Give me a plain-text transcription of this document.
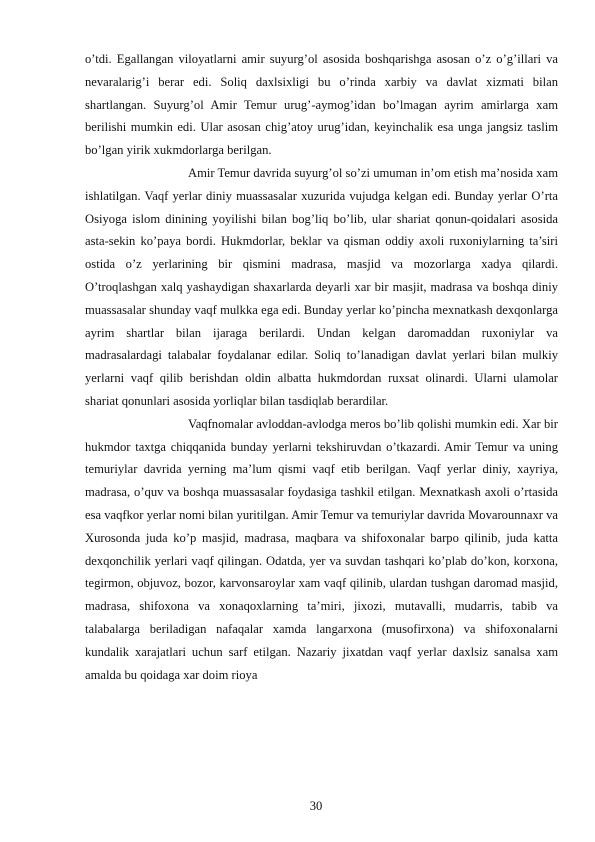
o’tdi. Egallangan viloyatlarni amir suyurg’ol asosida boshqarishga asosan o’z o’g’illari va nevaralarig’i berar edi. Soliq daxlsixligi bu o’rinda xarbiy va davlat xizmati bilan shartlangan. Suyurg’ol Amir Temur urug’-aymog’idan bo’lmagan ayrim amirlarga xam berilishi mumkin edi. Ular asosan chig’atoy urug’idan, keyinchalik esa unga jangsiz taslim bo’lgan yirik xukmdorlarga berilgan.

Amir Temur davrida suyurg’ol so’zi umuman in’om etish ma’nosida xam ishlatilgan. Vaqf yerlar diniy muassasalar xuzurida vujudga kelgan edi. Bunday yerlar O’rta Osiyoga islom dinining yoyilishi bilan bog’liq bo’lib, ular shariat qonun-qoidalari asosida asta-sekin ko’paya bordi. Hukmdorlar, beklar va qisman oddiy axoli ruxoniylarning ta’siri ostida o’z yerlarining bir qismini madrasa, masjid va mozorlarga xadya qilardi. O’troqlashgan xalq yashaydigan shaxarlarda deyarli xar bir masjit, madrasa va boshqa diniy muassasalar shunday vaqf mulkka ega edi. Bunday yerlar ko’pincha mexnatkash dexqonlarga ayrim shartlar bilan ijaraga berilardi. Undan kelgan daromaddan ruxoniylar va madrasalardagi talabalar foydalanar edilar. Soliq to’lanadigan davlat yerlari bilan mulkiy yerlarni vaqf qilib berishdan oldin albatta hukmdordan ruxsat olinardi. Ularni ulamolar shariat qonunlari asosida yorliqlar bilan tasdiqlab berardilar.

Vaqfnomalar avloddan-avlodga meros bo’lib qolishi mumkin edi. Xar bir hukmdor taxtga chiqqanida bunday yerlarni tekshiruvdan o’tkazardi. Amir Temur va uning temuriylar davrida yerning ma’lum qismi vaqf etib berilgan. Vaqf yerlar diniy, xayriya, madrasa, o’quv va boshqa muassasalar foydasiga tashkil etilgan. Mexnatkash axoli o’rtasida esa vaqfkor yerlar nomi bilan yuritilgan. Amir Temur va temuriylar davrida Movarounnaxr va Xurosonda juda ko’p masjid, madrasa, maqbara va shifoxonalar barpo qilinib, juda katta dexqonchilik yerlari vaqf qilingan. Odatda, yer va suvdan tashqari ko’plab do’kon, korxona, tegirmon, objuvoz, bozor, karvonsaroylar xam vaqf qilinib, ulardan tushgan daromad masjid, madrasa, shifoxona va xonaqoxlarning ta’miri, jixozi, mutavalli, mudarris, tabib va talabalarga beriladigan nafaqalar xamda langarxona (musofirxona) va shifoxonalarni kundalik xarajatlari uchun sarf etilgan. Nazariy jixatdan vaqf yerlar daxlsiz sanalsa xam amalda bu qoidaga xar doim rioya

30
